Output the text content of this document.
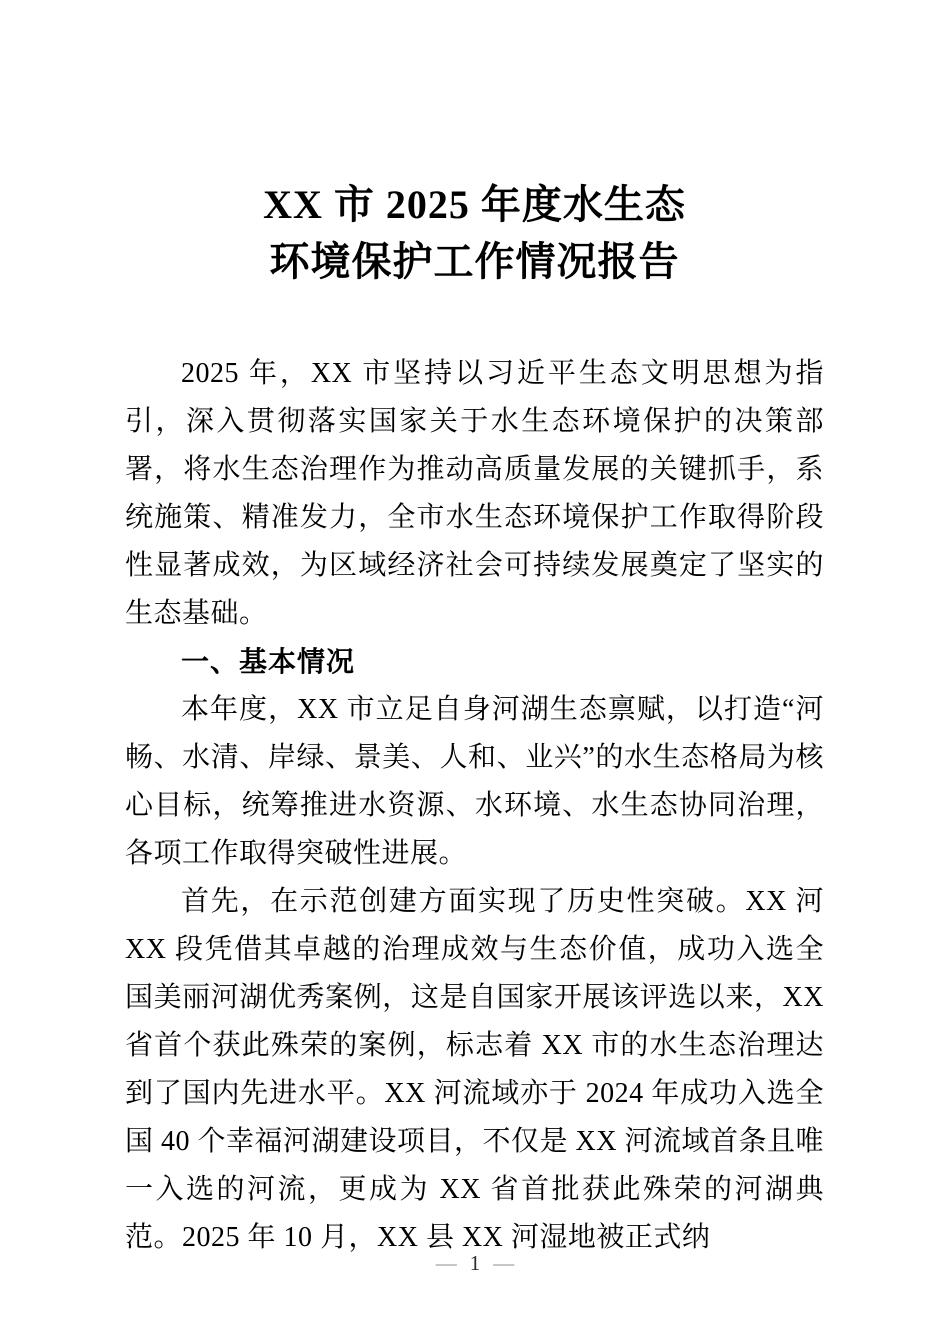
XX 市 2025 年度水生态环境保护工作情况报告

2025 年，XX 市坚持以习近平生态文明思想为指引，深入贯彻落实国家关于水生态环境保护的决策部署，将水生态治理作为推动高质量发展的关键抓手，系统施策、精准发力，全市水生态环境保护工作取得阶段性显著成效，为区域经济社会可持续发展奠定了坚实的生态基础。

一、基本情况

本年度，XX 市立足自身河湖生态禀赋，以打造“河畅、水清、岸绿、景美、人和、业兴”的水生态格局为核心目标，统筹推进水资源、水环境、水生态协同治理，各项工作取得突破性进展。

首先，在示范创建方面实现了历史性突破。XX 河 XX 段凭借其卓越的治理成效与生态价值，成功入选全国美丽河湖优秀案例，这是自国家开展该评选以来，XX 省首个获此殊荣的案例，标志着 XX 市的水生态治理达到了国内先进水平。XX 河流域亦于 2024 年成功入选全国 40 个幸福河湖建设项目，不仅是 XX 河流域首条且唯一入选的河流，更成为 XX 省首批获此殊荣的河湖典范。2025 年 10 月，XX 县 XX 河湿地被正式纳

— 1 —
